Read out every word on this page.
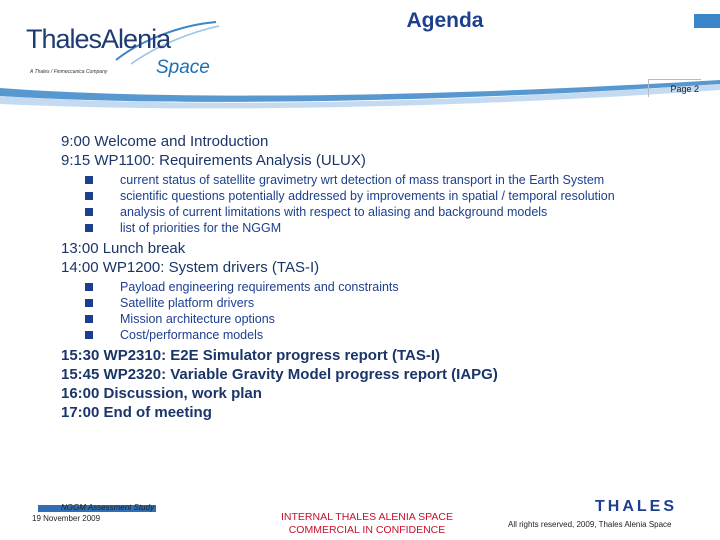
ThalesAlenia
A Thales / Finmeccanica Company	Space
Agenda
Page 2
9:00 Welcome and Introduction
9:15 WP1100: Requirements Analysis (ULUX)
current status of satellite gravimetry wrt detection of mass transport in the Earth System
scientific questions potentially addressed by improvements in spatial / temporal resolution
analysis of current limitations with respect to aliasing and background models
list of priorities for the NGGM
13:00 Lunch break
14:00 WP1200: System drivers (TAS-I)
Payload engineering requirements and constraints
Satellite platform drivers
Mission architecture options
Cost/performance models
15:30 WP2310: E2E Simulator progress report (TAS-I)
15:45 WP2320: Variable Gravity Model progress report (IAPG)
16:00 Discussion, work plan
17:00 End of meeting
NGGM Assessment Study
19 November 2009	INTERNAL THALES ALENIA SPACE
COMMERCIAL IN CONFIDENCE
THALES
All rights reserved, 2009, Thales Alenia Space
